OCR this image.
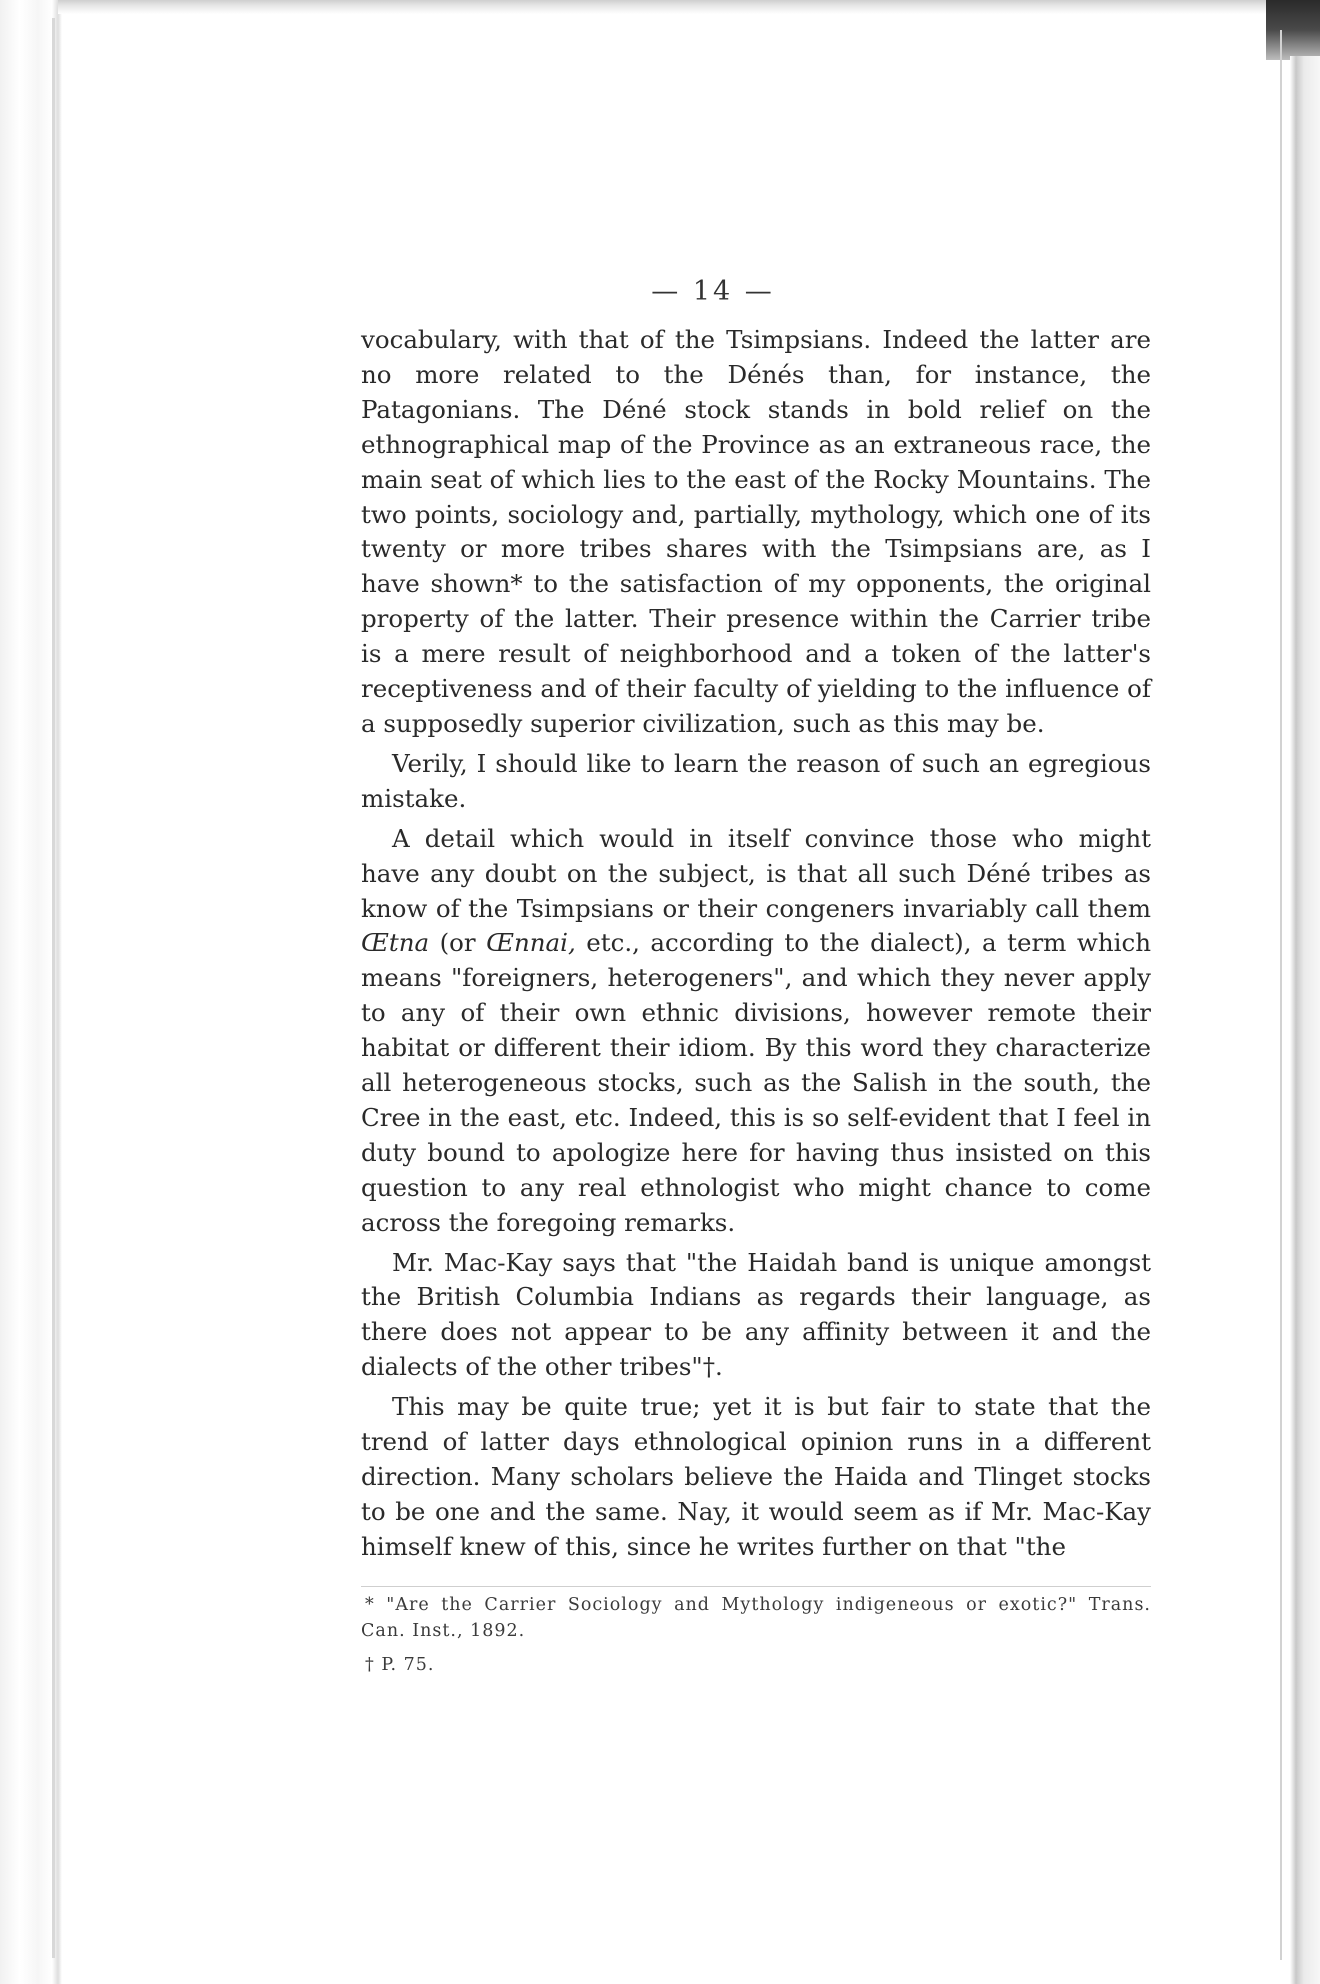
— 14 —

vocabulary, with that of the Tsimpsians. Indeed the latter are no more related to the Dénés than, for instance, the Patagonians. The Déné stock stands in bold relief on the ethnographical map of the Province as an extraneous race, the main seat of which lies to the east of the Rocky Mountains. The two points, sociology and, partially, mythology, which one of its twenty or more tribes shares with the Tsimpsians are, as I have shown* to the satisfaction of my opponents, the original property of the latter. Their presence within the Carrier tribe is a mere result of neighborhood and a token of the latter's receptiveness and of their faculty of yielding to the influence of a supposedly superior civilization, such as this may be.

Verily, I should like to learn the reason of such an egregious mistake.

A detail which would in itself convince those who might have any doubt on the subject, is that all such Déné tribes as know of the Tsimpsians or their congeners invariably call them Œtna (or Œnnai, etc., according to the dialect), a term which means "foreigners, heterogeners", and which they never apply to any of their own ethnic divisions, however remote their habitat or different their idiom. By this word they characterize all heterogeneous stocks, such as the Salish in the south, the Cree in the east, etc. Indeed, this is so self-evident that I feel in duty bound to apologize here for having thus insisted on this question to any real ethnologist who might chance to come across the foregoing remarks.

Mr. Mac-Kay says that "the Haidah band is unique amongst the British Columbia Indians as regards their language, as there does not appear to be any affinity between it and the dialects of the other tribes"†.

This may be quite true; yet it is but fair to state that the trend of latter days ethnological opinion runs in a different direction. Many scholars believe the Haida and Tlinget stocks to be one and the same. Nay, it would seem as if Mr. Mac-Kay himself knew of this, since he writes further on that "the

* "Are the Carrier Sociology and Mythology indigeneous or exotic?" Trans. Can. Inst., 1892.

† P. 75.
